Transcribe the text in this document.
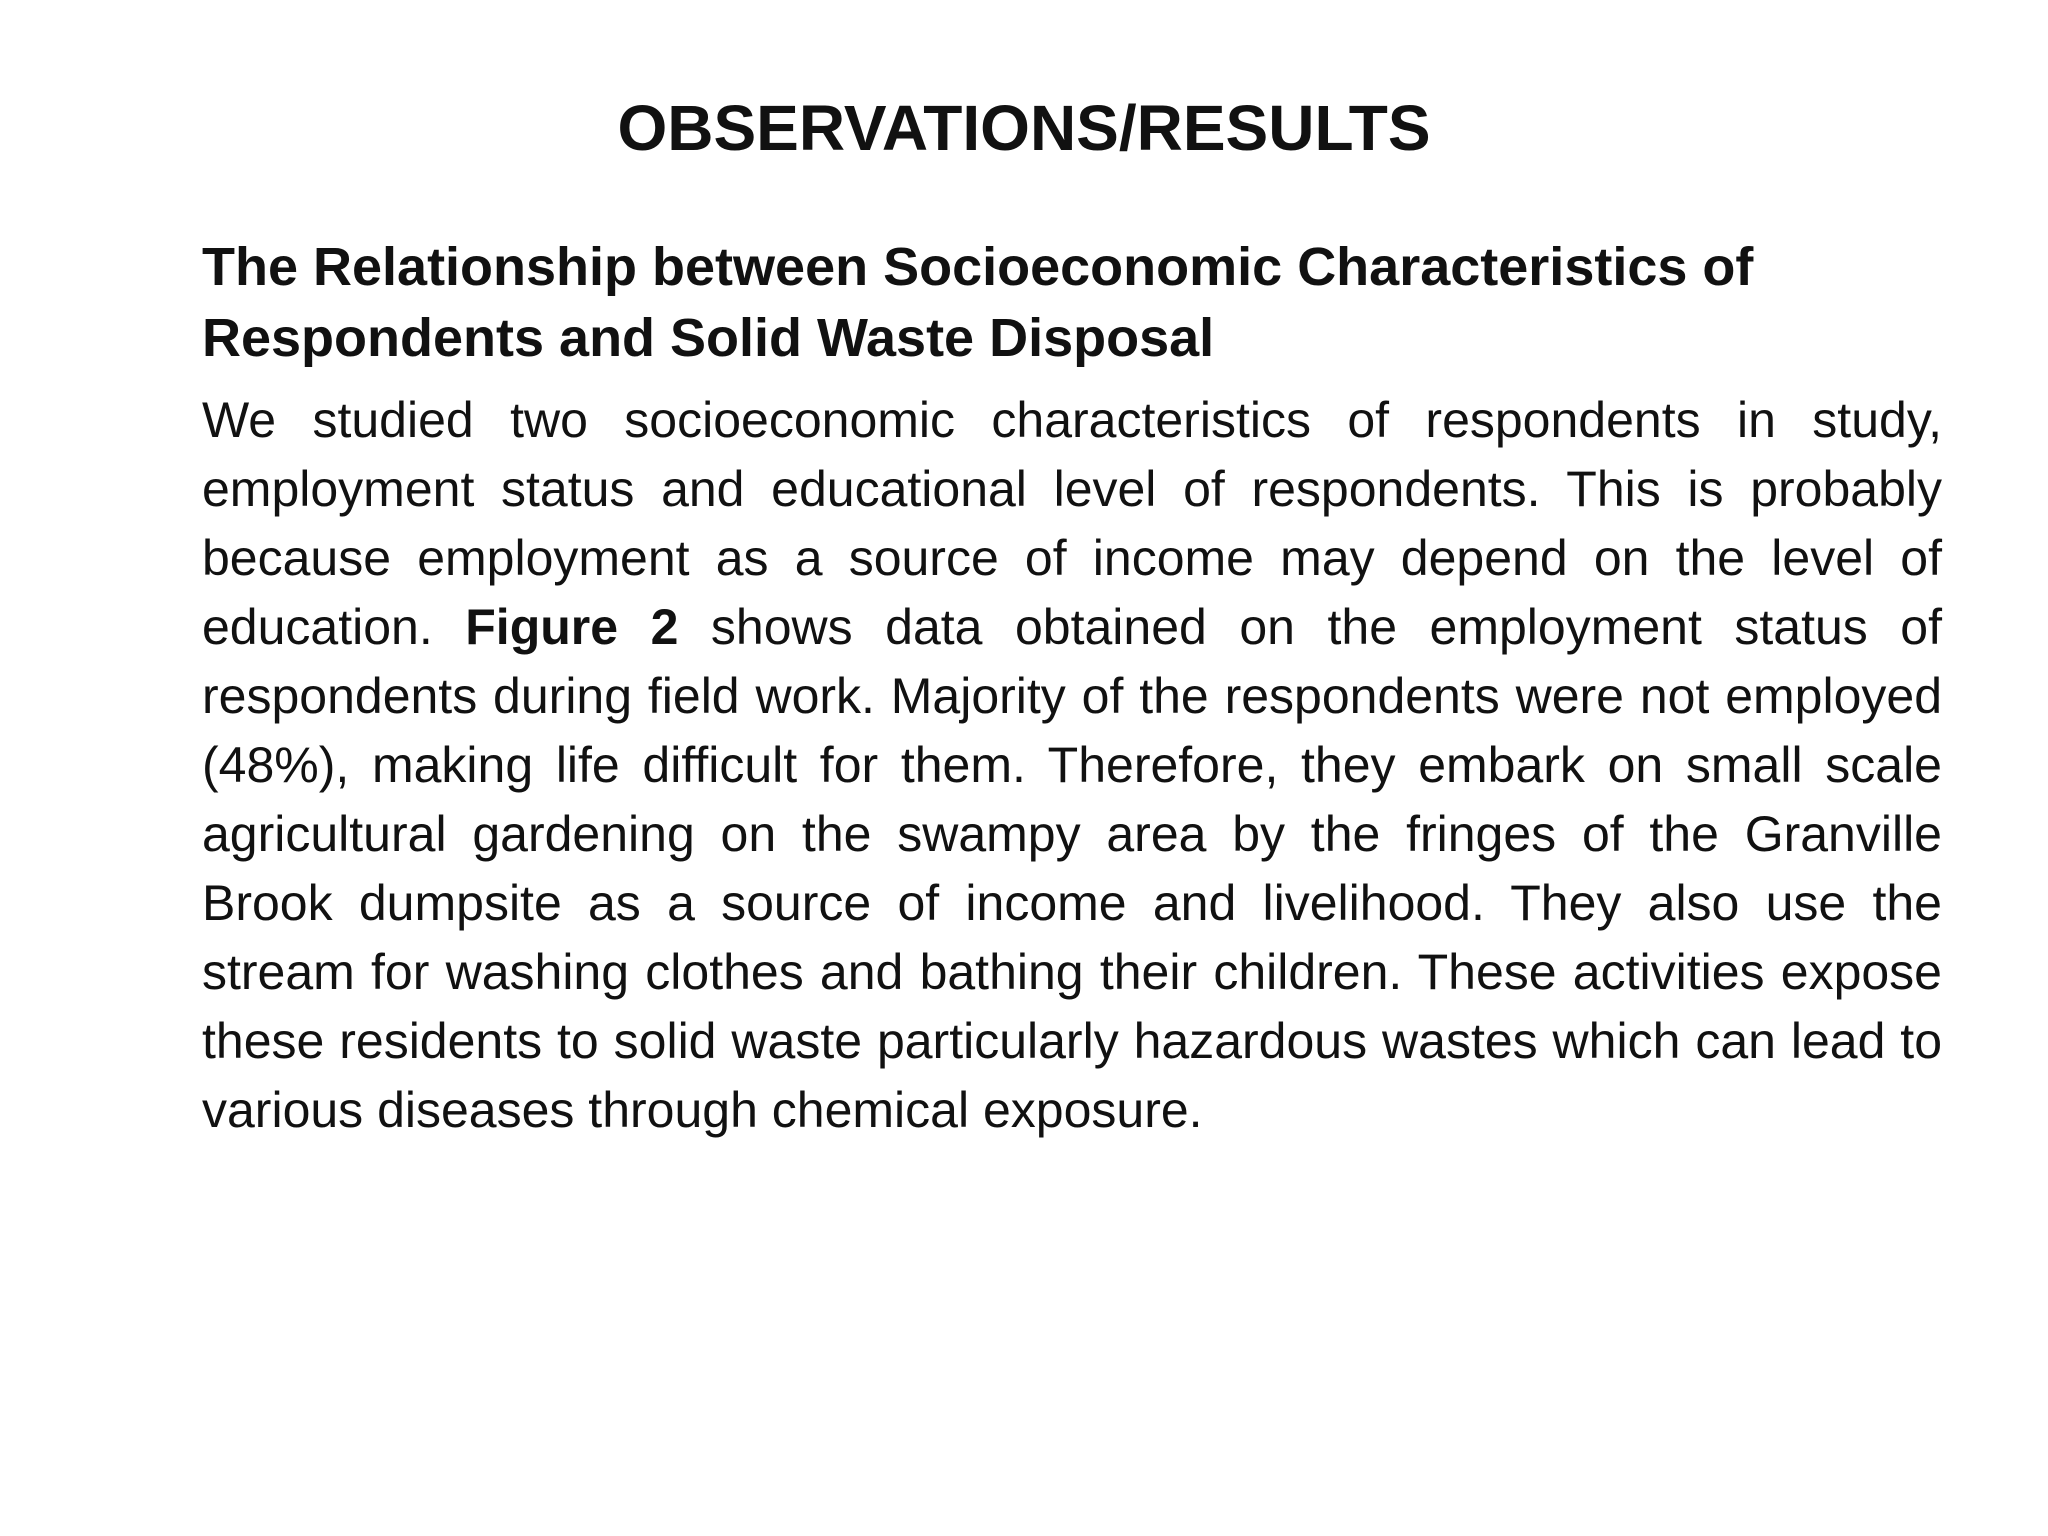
OBSERVATIONS/RESULTS
The Relationship between Socioeconomic Characteristics of Respondents and Solid Waste Disposal

We studied two socioeconomic characteristics of respondents in study, employment status and educational level of respondents. This is probably because employment as a source of income may depend on the level of education. Figure 2 shows data obtained on the employment status of respondents during field work. Majority of the respondents were not employed (48%), making life difficult for them. Therefore, they embark on small scale agricultural gardening on the swampy area by the fringes of the Granville Brook dumpsite as a source of income and livelihood. They also use the stream for washing clothes and bathing their children. These activities expose these residents to solid waste particularly hazardous wastes which can lead to various diseases through chemical exposure.
